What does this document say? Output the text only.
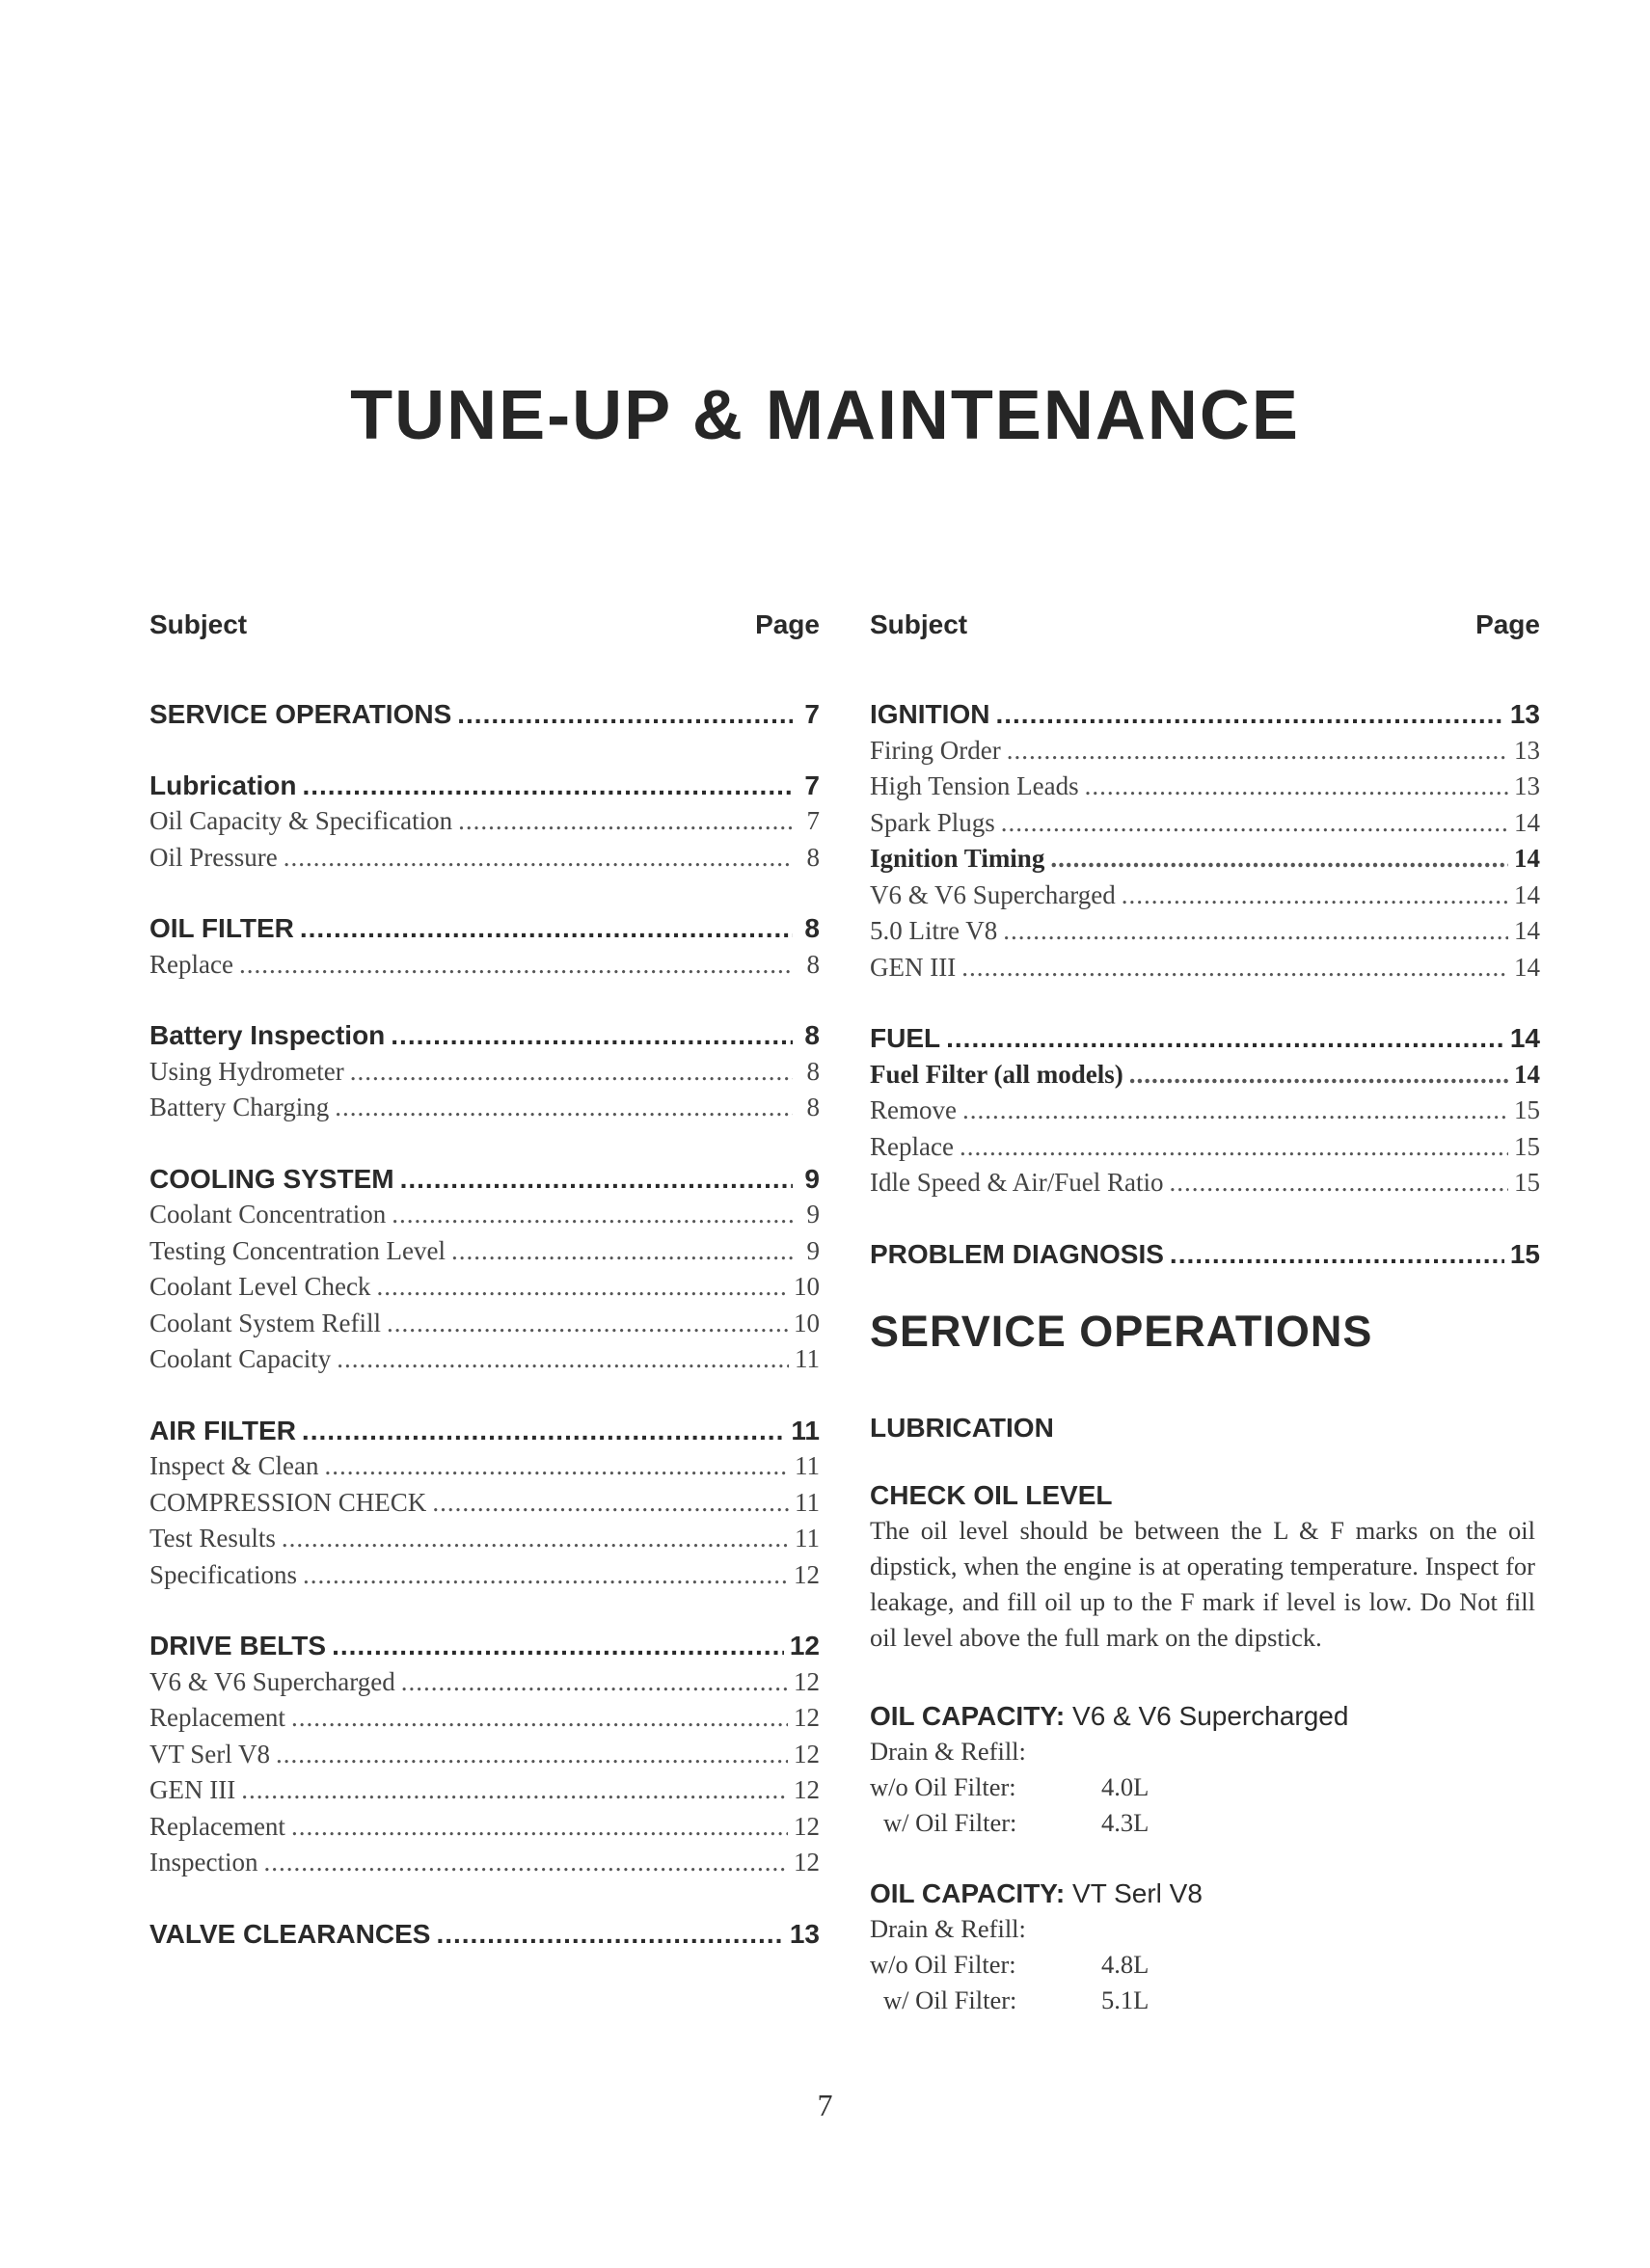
TUNE-UP & MAINTENANCE
Subject	Page
SERVICE OPERATIONS .....	7
Lubrication .....	7
Oil Capacity & Specification .....	7
Oil Pressure .....	8
OIL FILTER .....	8
Replace .....	8
Battery Inspection .....	8
Using Hydrometer .....	8
Battery Charging .....	8
COOLING SYSTEM .....	9
Coolant Concentration .....	9
Testing Concentration Level .....	9
Coolant Level Check .....	10
Coolant System Refill .....	10
Coolant Capacity .....	11
AIR FILTER .....	11
Inspect & Clean .....	11
COMPRESSION CHECK .....	11
Test Results .....	11
Specifications .....	12
DRIVE BELTS .....	12
V6 & V6 Supercharged .....	12
Replacement .....	12
VT Serl V8 .....	12
GEN III .....	12
Replacement .....	12
Inspection .....	12
VALVE CLEARANCES .....	13
Subject	Page
IGNITION .....	13
Firing Order .....	13
High Tension Leads .....	13
Spark Plugs .....	14
Ignition Timing .....	14
V6 & V6 Supercharged .....	14
5.0 Litre V8 .....	14
GEN III .....	14
FUEL .....	14
Fuel Filter (all models) .....	14
Remove .....	15
Replace .....	15
Idle Speed & Air/Fuel Ratio .....	15
PROBLEM DIAGNOSIS .....	15
SERVICE OPERATIONS
LUBRICATION
CHECK OIL LEVEL

The oil level should be between the L & F marks on the oil dipstick, when the engine is at operating temperature. Inspect for leakage, and fill oil up to the F mark if level is low. Do Not fill oil level above the full mark on the dipstick.

OIL CAPACITY: V6 & V6 Supercharged
Drain & Refill:
w/o Oil Filter:	4.0L
w/ Oil Filter:	4.3L
OIL CAPACITY: VT Serl V8
Drain & Refill:
w/o Oil Filter:	4.8L
w/ Oil Filter:	5.1L
7
